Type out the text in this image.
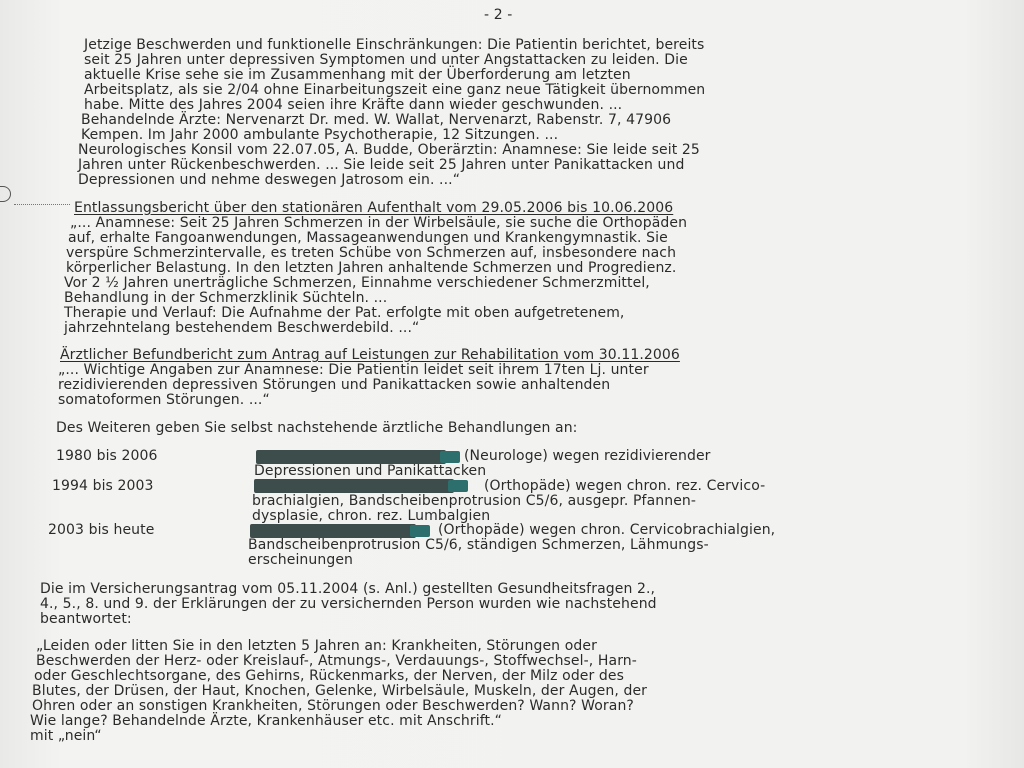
- 2 -
Jetzige Beschwerden und funktionelle Einschränkungen: Die Patientin berichtet, bereits
seit 25 Jahren unter depressiven Symptomen und unter Angstattacken zu leiden. Die
aktuelle Krise sehe sie im Zusammenhang mit der Überforderung am letzten
Arbeitsplatz, als sie 2/04 ohne Einarbeitungszeit eine ganz neue Tätigkeit übernommen
habe. Mitte des Jahres 2004 seien ihre Kräfte dann wieder geschwunden. ...
Behandelnde Ärzte: Nervenarzt Dr. med. W. Wallat, Nervenarzt, Rabenstr. 7, 47906
Kempen. Im Jahr 2000 ambulante Psychotherapie, 12 Sitzungen. ...
Neurologisches Konsil vom 22.07.05, A. Budde, Oberärztin: Anamnese: Sie leide seit 25
Jahren unter Rückenbeschwerden. ... Sie leide seit 25 Jahren unter Panikattacken und
Depressionen und nehme deswegen Jatrosom ein. ...“
Entlassungsbericht über den stationären Aufenthalt vom 29.05.2006 bis 10.06.2006
„... Anamnese: Seit 25 Jahren Schmerzen in der Wirbelsäule, sie suche die Orthopäden
auf, erhalte Fangoanwendungen, Massageanwendungen und Krankengymnastik. Sie
verspüre Schmerzintervalle, es treten Schübe von Schmerzen auf, insbesondere nach
körperlicher Belastung. In den letzten Jahren anhaltende Schmerzen und Progredienz.
Vor 2 ½ Jahren unerträgliche Schmerzen, Einnahme verschiedener Schmerzmittel,
Behandlung in der Schmerzklinik Süchteln. ...
Therapie und Verlauf: Die Aufnahme der Pat. erfolgte mit oben aufgetretenem,
jahrzehntelang bestehendem Beschwerdebild. ...“
Ärztlicher Befundbericht zum Antrag auf Leistungen zur Rehabilitation vom 30.11.2006
„... Wichtige Angaben zur Anamnese: Die Patientin leidet seit ihrem 17ten Lj. unter
rezidivierenden depressiven Störungen und Panikattacken sowie anhaltenden
somatoformen Störungen. ...“
Des Weiteren geben Sie selbst nachstehende ärztliche Behandlungen an:
1980 bis 2006	(Neurologe) wegen rezidivierender
Depressionen und Panikattacken
1994 bis 2003	(Orthopäde) wegen chron. rez. Cervico-
brachialgien, Bandscheibenprotrusion C5/6, ausgepr. Pfannen-
dysplasie, chron. rez. Lumbalgien
2003 bis heute	(Orthopäde) wegen chron. Cervicobrachialgien,
Bandscheibenprotrusion C5/6, ständigen Schmerzen, Lähmungs-
erscheinungen
Die im Versicherungsantrag vom 05.11.2004 (s. Anl.) gestellten Gesundheitsfragen 2.,
4., 5., 8. und 9. der Erklärungen der zu versichernden Person wurden wie nachstehend
beantwortet:
„Leiden oder litten Sie in den letzten 5 Jahren an: Krankheiten, Störungen oder
Beschwerden der Herz- oder Kreislauf-, Atmungs-, Verdauungs-, Stoffwechsel-, Harn-
oder Geschlechtsorgane, des Gehirns, Rückenmarks, der Nerven, der Milz oder des
Blutes, der Drüsen, der Haut, Knochen, Gelenke, Wirbelsäule, Muskeln, der Augen, der
Ohren oder an sonstigen Krankheiten, Störungen oder Beschwerden? Wann? Woran?
Wie lange? Behandelnde Ärzte, Krankenhäuser etc. mit Anschrift.“
mit „nein“
